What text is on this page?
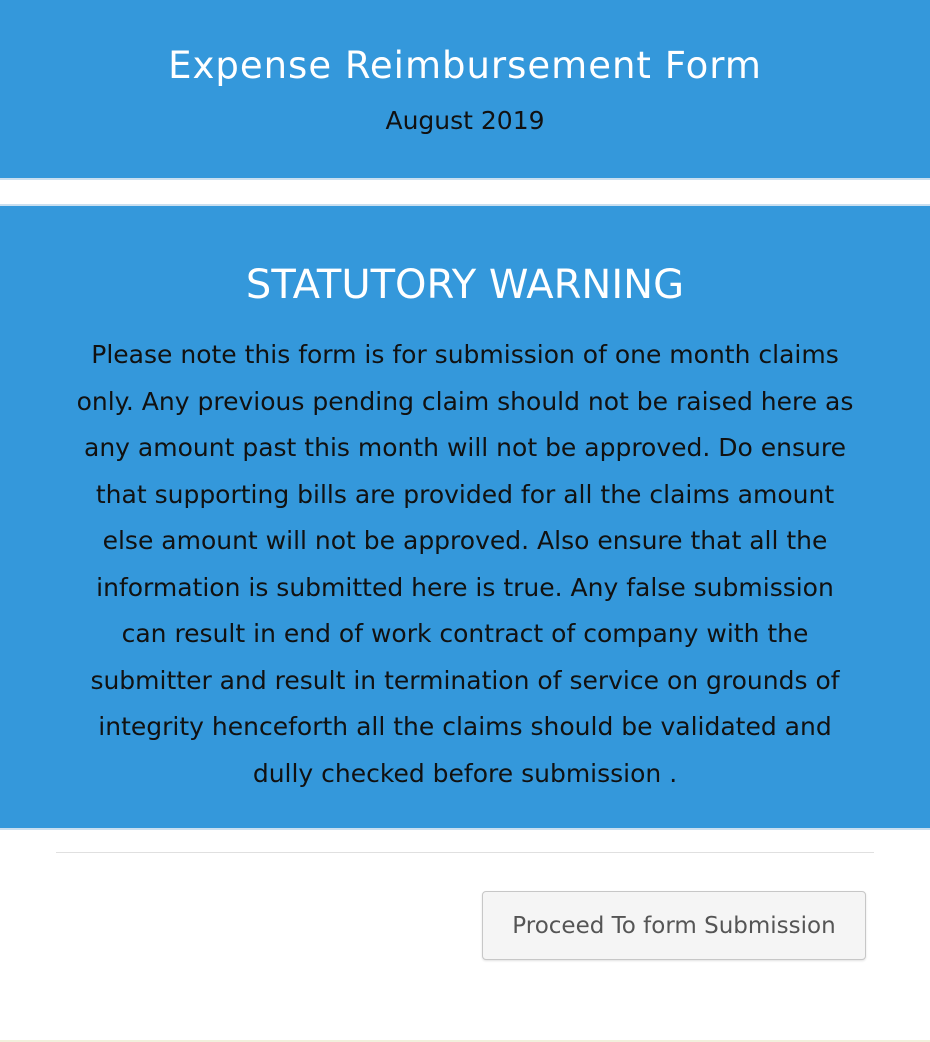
Expense Reimbursement Form
August 2019
STATUTORY WARNING
Please note this form is for submission of one month claims
only. Any previous pending claim should not be raised here as
any amount past this month will not be approved. Do ensure
that supporting bills are provided for all the claims amount
else amount will not be approved. Also ensure that all the
information is submitted here is true. Any false submission
can result in end of work contract of company with the
submitter and result in termination of service on grounds of
integrity henceforth all the claims should be validated and
dully checked before submission .
Proceed To form Submission
